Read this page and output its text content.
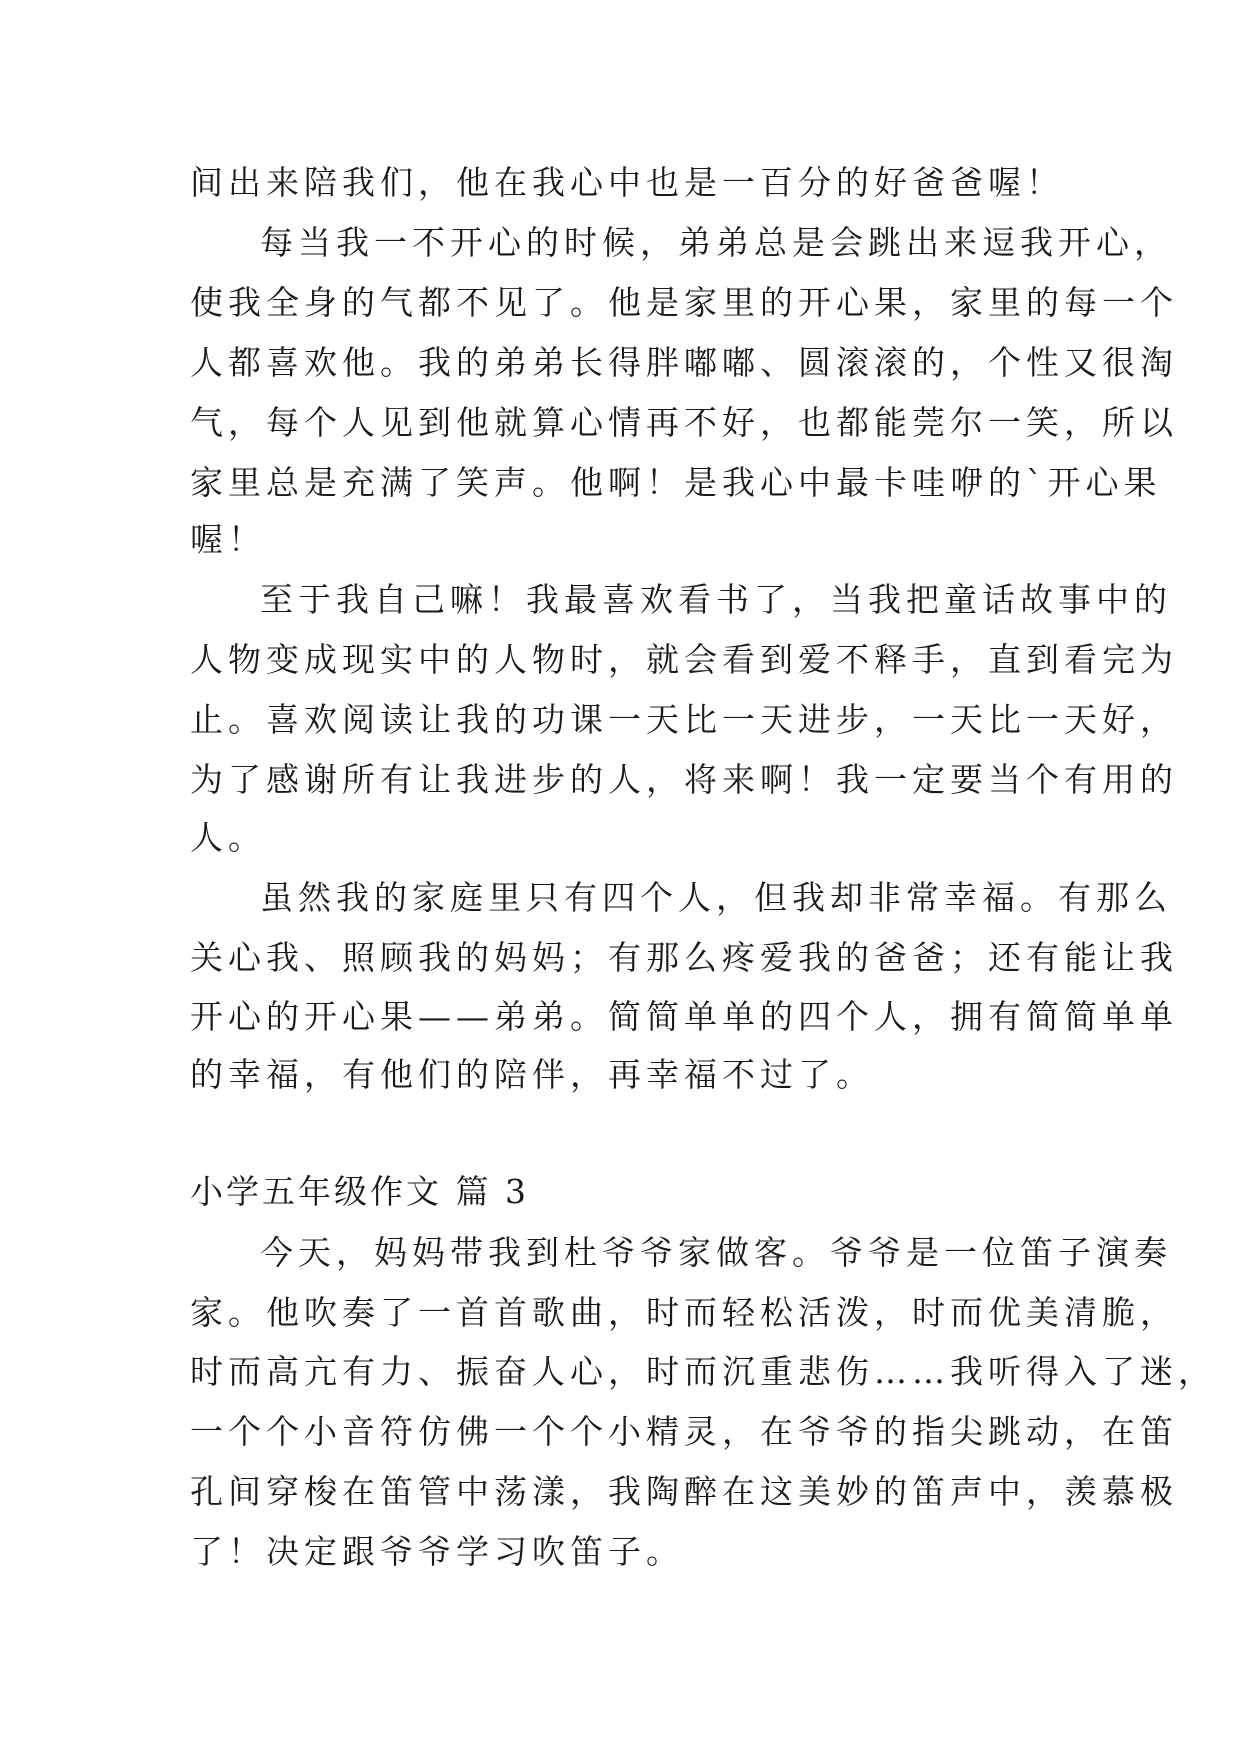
间出来陪我们，他在我心中也是一百分的好爸爸喔！
每当我一不开心的时候，弟弟总是会跳出来逗我开心，
使我全身的气都不见了。他是家里的开心果，家里的每一个
人都喜欢他。我的弟弟长得胖嘟嘟、圆滚滚的，个性又很淘
气，每个人见到他就算心情再不好，也都能莞尔一笑，所以
家里总是充满了笑声。他啊！是我心中最卡哇咿的`开心果
喔！
至于我自己嘛！我最喜欢看书了，当我把童话故事中的
人物变成现实中的人物时，就会看到爱不释手，直到看完为
止。喜欢阅读让我的功课一天比一天进步，一天比一天好，
为了感谢所有让我进步的人，将来啊！我一定要当个有用的
人。
虽然我的家庭里只有四个人，但我却非常幸福。有那么
关心我、照顾我的妈妈；有那么疼爱我的爸爸；还有能让我
开心的开心果——弟弟。简简单单的四个人，拥有简简单单
的幸福，有他们的陪伴，再幸福不过了。
小学五年级作文 篇 3
今天，妈妈带我到杜爷爷家做客。爷爷是一位笛子演奏
家。他吹奏了一首首歌曲，时而轻松活泼，时而优美清脆，
时而高亢有力、振奋人心，时而沉重悲伤……我听得入了迷，
一个个小音符仿佛一个个小精灵，在爷爷的指尖跳动，在笛
孔间穿梭在笛管中荡漾，我陶醉在这美妙的笛声中，羡慕极
了！决定跟爷爷学习吹笛子。
